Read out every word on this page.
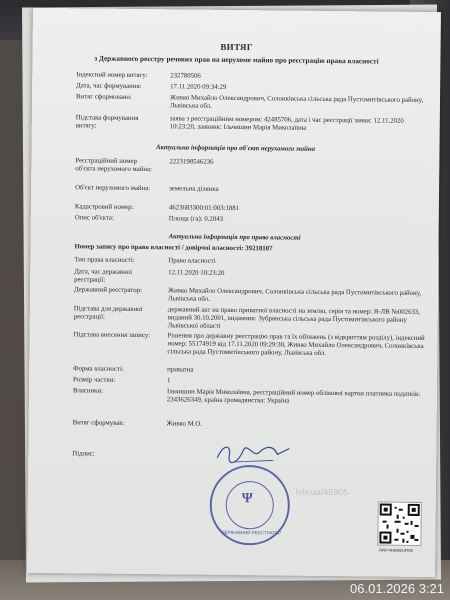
ВИТЯГ
з Державного реєстру речових прав на нерухоме майно про реєстрацію права власності
Індексний номер витягу:	232780506
Дата, час формування:	17.11.2020 09:34:29
Витяг сформовано:	Живко Михайло Олександрович, Солонківська сільська рада Пустомитівського району, Львівська обл.
Підстава формування витягу:
заява з реєстраційним номером: 42485706, дата і час реєстрації заяви: 12.11.2020 10:23:20, заявник: Ільчишин Марія Миколаївна
Актуальна інформація про об'єкт нерухомого майна
Реєстраційний номер об'єкта нерухомого майна:
2223198546236
Об'єкт нерухомого майна:	земельна ділянка
Кадастровий номер:	4623683300:01:003:1881
Опис об'єкта:	Площа (га): 0.2043
Актуальна інформація про право власності
Номер запису про право власності / довірчої власності: 39218107
Тип права власності:	Право власності
Дата, час державної реєстрації:
12.11.2020 10:23:20
Державний реєстратор:	Живко Михайло Олександрович, Солонківська сільська рада Пустомитівського району, Львівська обл.
Підстава для державної реєстрації:
державний акт на право приватної власності на землю, серія та номер: Я-ЛВ №002633, виданий 30.10.2001, видавник: Зубрянська сільська рада Пустомитівського району Львівської області
Підстава внесення запису:	Рішення про державну реєстрацію прав та їх обтяжень (з відкриттям розділу), індексний номер: 55174919 від 17.11.2020 09:29:30, Живко Михайло Олександрович, Солонківська сільська рада Пустомитівського району, Львівська обл.
Форма власності:	приватна
Розмір частки:	1
Власники:	Ільчишин Марія Миколаївна, реєстраційний номер облікової картки платника податків: 2343626349, країна громадянства: Україна
Витяг сформував:	Живко М.О.
Підпис:
Ψ
ДЕРЖАВНИЙ РЕЄСТРАТОР
lviv.ua/45905
RRP-4HM82UFM5
06.01.2026 3:21
